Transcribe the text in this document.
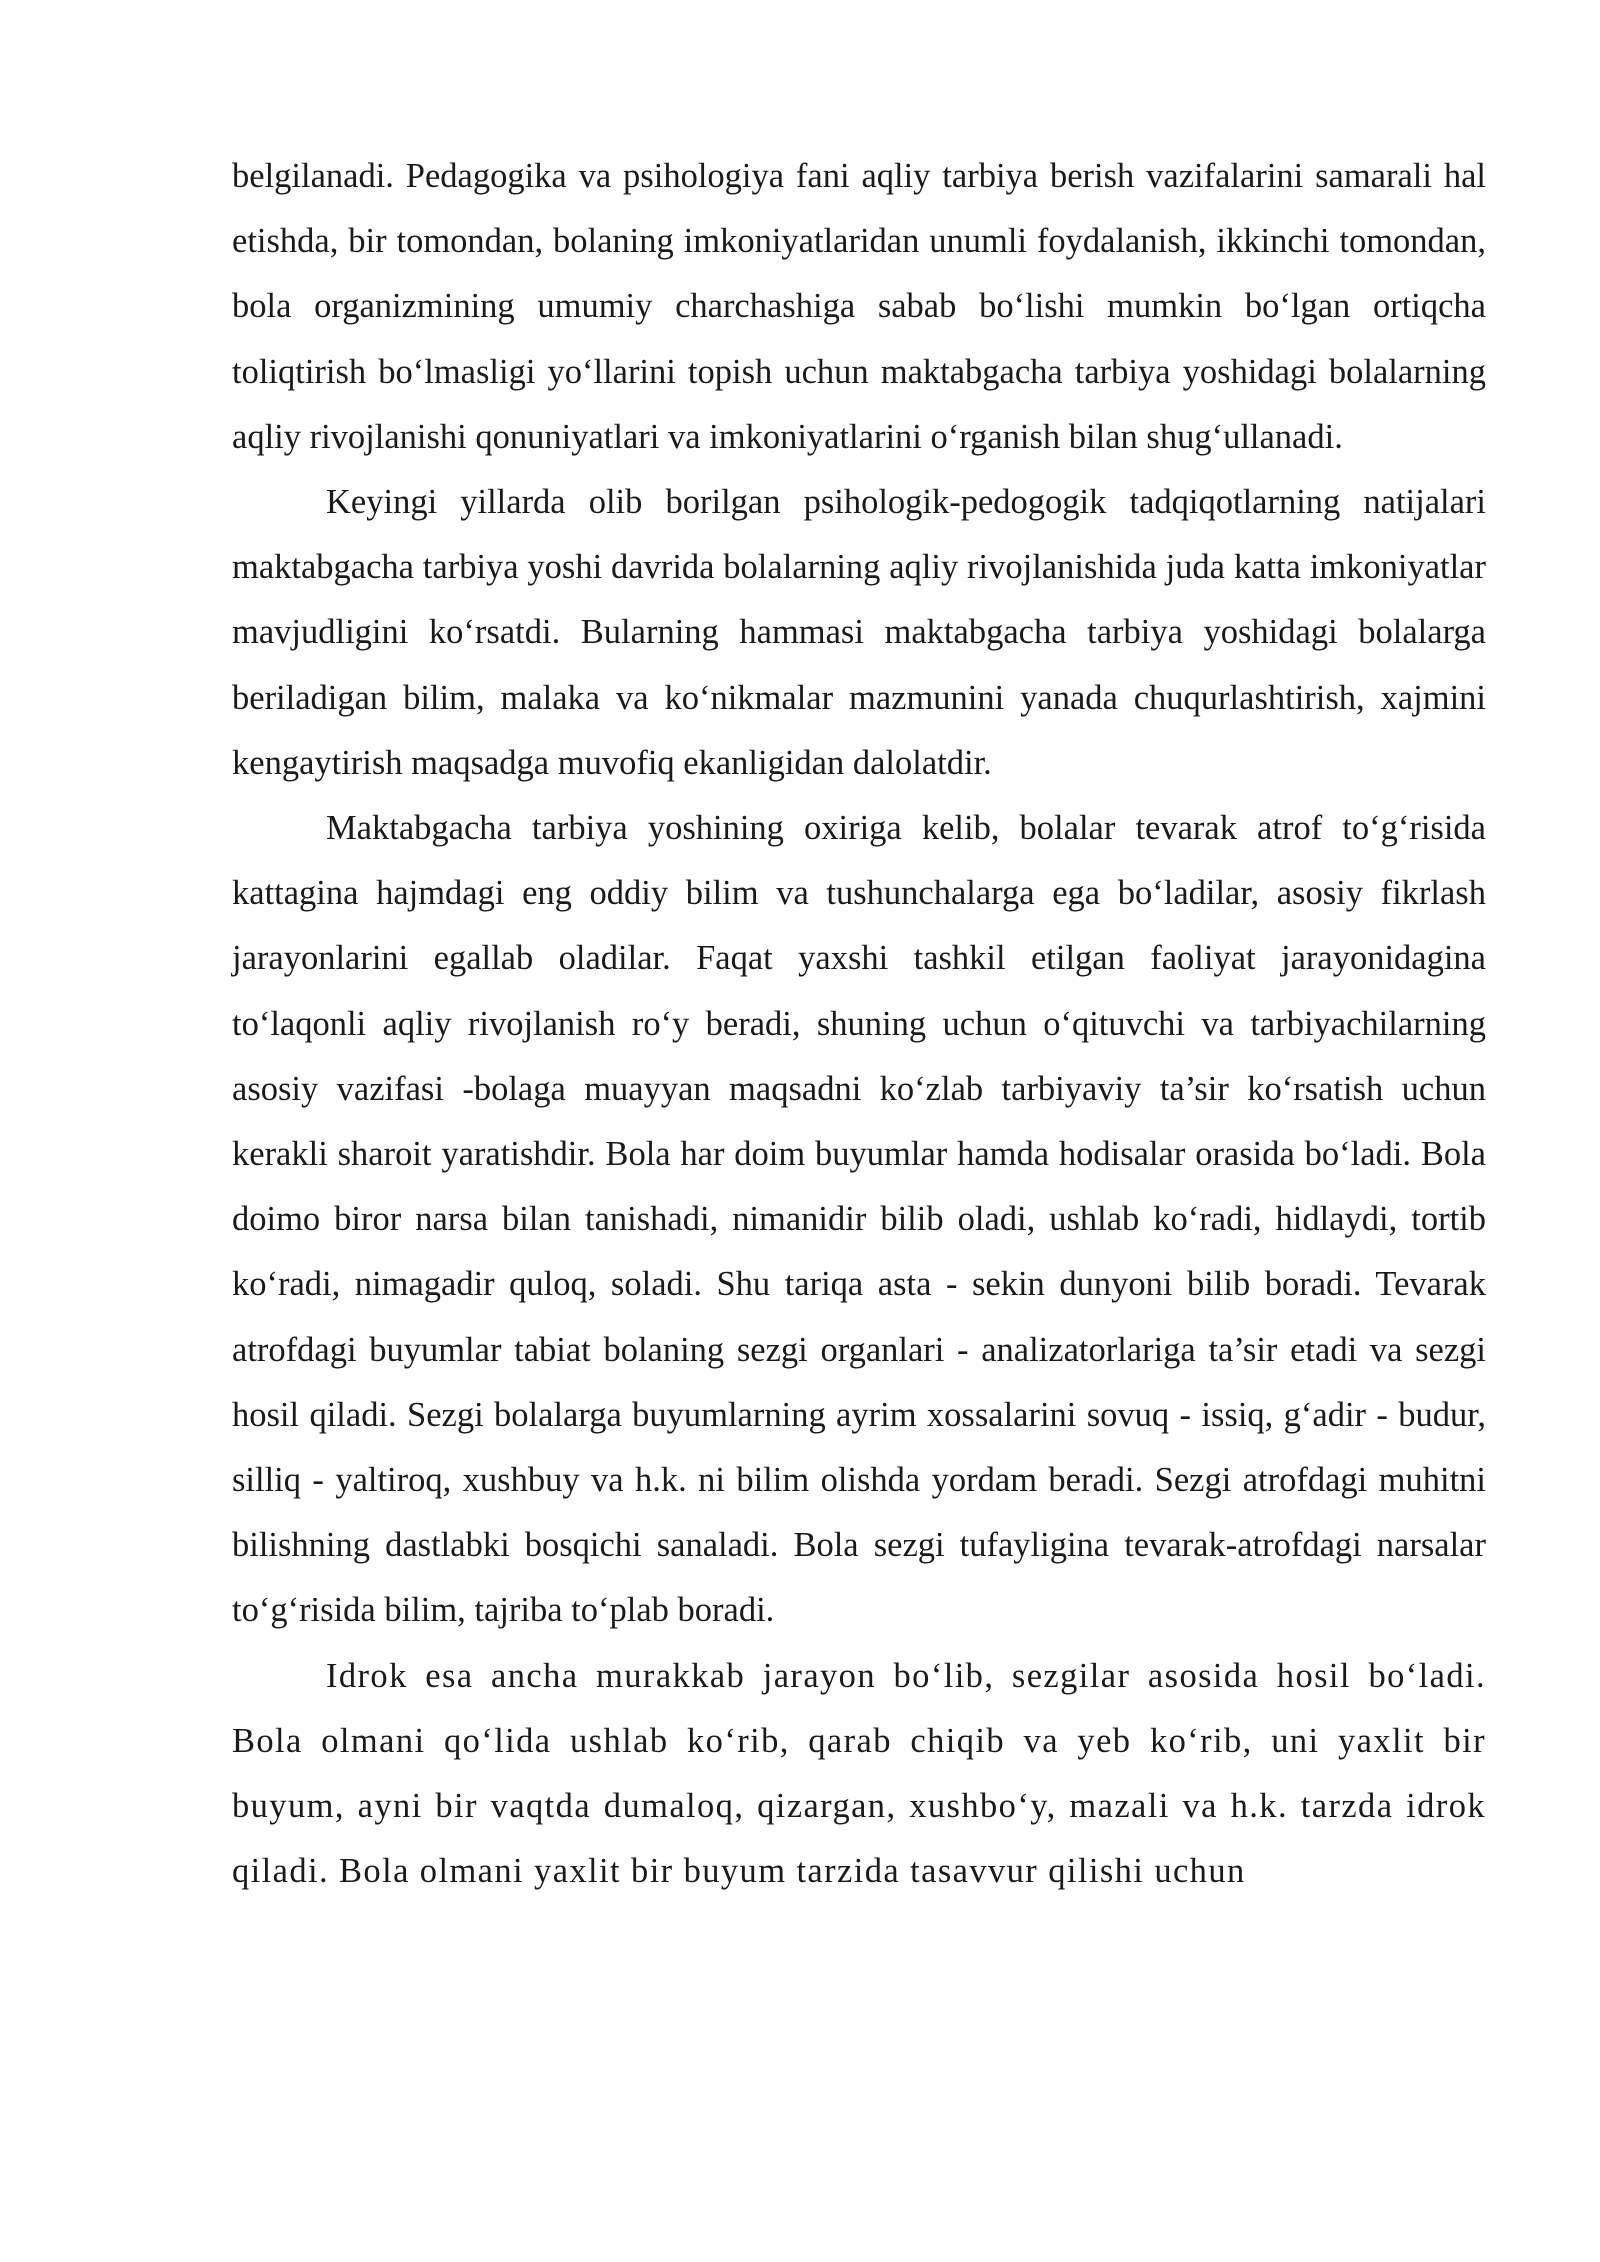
belgilanadi. Pedagogika va psihologiya fani aqliy tarbiya berish vazifalarini samarali hal etishda, bir tomondan, bolaning imkoniyatlaridan unumli foydalanish, ikkinchi tomondan, bola organizmining umumiy charchashiga sabab bo‘lishi mumkin bo‘lgan ortiqcha toliqtirish bo‘lmasligi yo‘llarini topish uchun maktabgacha tarbiya yoshidagi bolalarning aqliy rivojlanishi qonuniyatlari va imkoniyatlarini o‘rganish bilan shug‘ullanadi.

Keyingi yillarda olib borilgan psihologik-pedogogik tadqiqotlarning natijalari maktabgacha tarbiya yoshi davrida bolalarning aqliy rivojlanishida juda katta imkoniyatlar mavjudligini ko‘rsatdi. Bularning hammasi maktabgacha tarbiya yoshidagi bolalarga beriladigan bilim, malaka va ko‘nikmalar mazmunini yanada chuqurlashtirish, xajmini kengaytirish maqsadga muvofiq ekanligidan dalolatdir.

Maktabgacha tarbiya yoshining oxiriga kelib, bolalar tevarak atrof to‘g‘risida kattagina hajmdagi eng oddiy bilim va tushunchalarga ega bo‘ladilar, asosiy fikrlash jarayonlarini egallab oladilar. Faqat yaxshi tashkil etilgan faoliyat jarayonidagina to‘laqonli aqliy rivojlanish ro‘y beradi, shuning uchun o‘qituvchi va tarbiyachilarning asosiy vazifasi -bolaga muayyan maqsadni ko‘zlab tarbiyaviy ta’sir ko‘rsatish uchun kerakli sharoit yaratishdir. Bola har doim buyumlar hamda hodisalar orasida bo‘ladi. Bola doimo biror narsa bilan tanishadi, nimanidir bilib oladi, ushlab ko‘radi, hidlaydi, tortib ko‘radi, nimagadir quloq, soladi. Shu tariqa asta - sekin dunyoni bilib boradi. Tevarak atrofdagi buyumlar tabiat bolaning sezgi organlari - analizatorlariga ta’sir etadi va sezgi hosil qiladi. Sezgi bolalarga buyumlarning ayrim xossalarini sovuq - issiq, g‘adir - budur, silliq - yaltiroq, xushbuy va h.k. ni bilim olishda yordam beradi. Sezgi atrofdagi muhitni bilishning dastlabki bosqichi sanaladi. Bola sezgi tufayligina tevarak-atrofdagi narsalar to‘g‘risida bilim, tajriba to‘plab boradi.

Idrok esa ancha murakkab jarayon bo‘lib, sezgilar asosida hosil bo‘ladi. Bola olmani qo‘lida ushlab ko‘rib, qarab chiqib va yeb ko‘rib, uni yaxlit bir buyum, ayni bir vaqtda dumaloq, qizargan, xushbo‘y, mazali va h.k. tarzda idrok qiladi. Bola olmani yaxlit bir buyum tarzida tasavvur qilishi uchun
